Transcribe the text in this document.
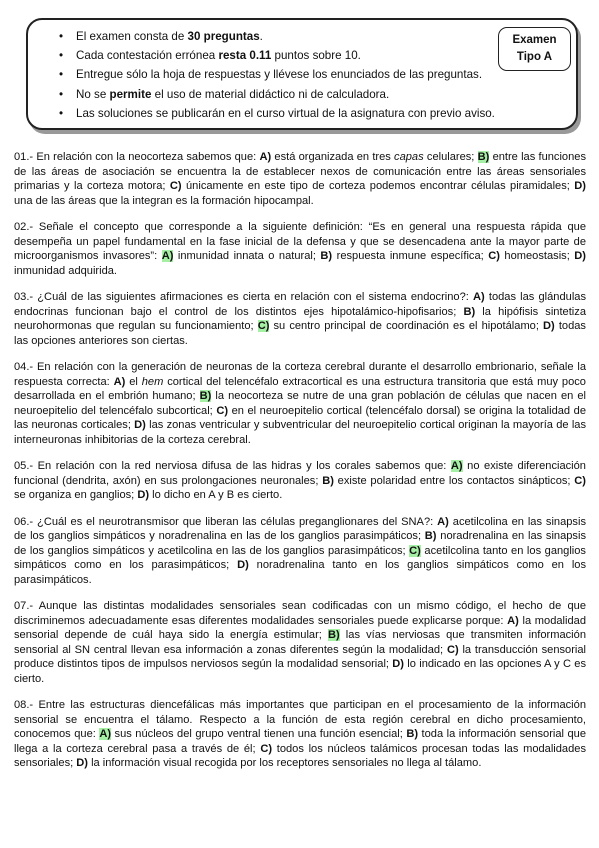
• El examen consta de 30 preguntas.
• Cada contestación errónea resta 0.11 puntos sobre 10.
• Entregue sólo la hoja de respuestas y llévese los enunciados de las preguntas.
• No se permite el uso de material didáctico ni de calculadora.
• Las soluciones se publicarán en el curso virtual de la asignatura con previo aviso.
Examen
Tipo A

01.- En relación con la neocorteza sabemos que: A) está organizada en tres capas celulares; B) entre las funciones de las áreas de asociación se encuentra la de establecer nexos de comunicación entre las áreas sensoriales primarias y la corteza motora; C) únicamente en este tipo de corteza podemos encontrar células piramidales; D) una de las áreas que la integran es la formación hipocampal.

02.- Señale el concepto que corresponde a la siguiente definición: “Es en general una respuesta rápida que desempeña un papel fundamental en la fase inicial de la defensa y que se desencadena ante la mayor parte de microorganismos invasores”: A) inmunidad innata o natural; B) respuesta inmune específica; C) homeostasis; D) inmunidad adquirida.

03.- ¿Cuál de las siguientes afirmaciones es cierta en relación con el sistema endocrino?: A) todas las glándulas endocrinas funcionan bajo el control de los distintos ejes hipotalámico-hipofisarios; B) la hipófisis sintetiza neurohormonas que regulan su funcionamiento; C) su centro principal de coordinación es el hipotálamo; D) todas las opciones anteriores son ciertas.

04.- En relación con la generación de neuronas de la corteza cerebral durante el desarrollo embrionario, señale la respuesta correcta: A) el hem cortical del telencéfalo extracortical es una estructura transitoria que está muy poco desarrollada en el embrión humano; B) la neocorteza se nutre de una gran población de células que nacen en el neuroepitelio del telencéfalo subcortical; C) en el neuroepitelio cortical (telencéfalo dorsal) se origina la totalidad de las neuronas corticales; D) las zonas ventricular y subventricular del neuroepitelio cortical originan la mayoría de las interneuronas inhibitorias de la corteza cerebral.

05.- En relación con la red nerviosa difusa de las hidras y los corales sabemos que: A) no existe diferenciación funcional (dendrita, axón) en sus prolongaciones neuronales; B) existe polaridad entre los contactos sinápticos; C) se organiza en ganglios; D) lo dicho en A y B es cierto.

06.- ¿Cuál es el neurotransmisor que liberan las células preganglionares del SNA?: A) acetilcolina en las sinapsis de los ganglios simpáticos y noradrenalina en las de los ganglios parasimpáticos; B) noradrenalina en las sinapsis de los ganglios simpáticos y acetilcolina en las de los ganglios parasimpáticos; C) acetilcolina tanto en los ganglios simpáticos como en los parasimpáticos; D) noradrenalina tanto en los ganglios simpáticos como en los parasimpáticos.

07.- Aunque las distintas modalidades sensoriales sean codificadas con un mismo código, el hecho de que discriminemos adecuadamente esas diferentes modalidades sensoriales puede explicarse porque: A) la modalidad sensorial depende de cuál haya sido la energía estimular; B) las vías nerviosas que transmiten información sensorial al SN central llevan esa información a zonas diferentes según la modalidad; C) la transducción sensorial produce distintos tipos de impulsos nerviosos según la modalidad sensorial; D) lo indicado en las opciones A y C es cierto.

08.- Entre las estructuras diencefálicas más importantes que participan en el procesamiento de la información sensorial se encuentra el tálamo. Respecto a la función de esta región cerebral en dicho procesamiento, conocemos que: A) sus núcleos del grupo ventral tienen una función esencial; B) toda la información sensorial que llega a la corteza cerebral pasa a través de él; C) todos los núcleos talámicos procesan todas las modalidades sensoriales; D) la información visual recogida por los receptores sensoriales no llega al tálamo.
